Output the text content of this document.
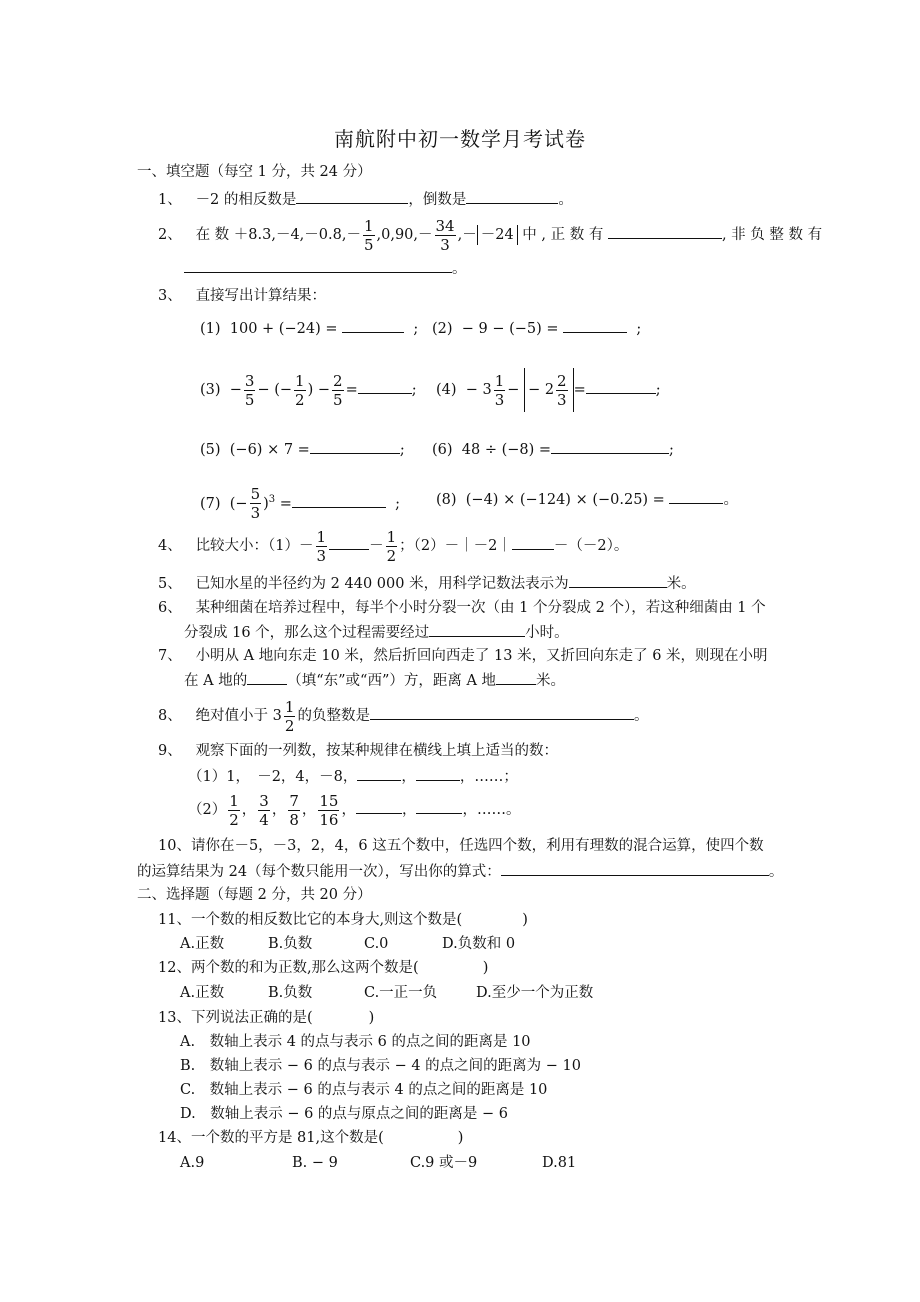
南航附中初一数学月考试卷
一、填空题（每空 1 分，共 24 分）
1、 －2 的相反数是	，倒数是	。
2、 在 数 $+8.3,-4,-0.8,- \frac{1}{5} ,0,90,- \frac{34}{3}$ ,－ －24 中 , 正 数 有	, 非 负 整 数 有
。
3、 直接写出计算结果：
(1) 100 + (−24) =	; (2) − 9 − (−5) =	;
$(3) - \frac{3}{5}$ − (− $\frac{1}{2}$ ) − $\frac{2}{5}$ =	; $(4) - 3 \frac{1}{3}$ − − $2 \frac{2}{3}$ =	;
(5) (−6) × 7 =	; (6) 48 ÷ (−8) =	;
(7) (− $\frac{5}{3} )^3$ =	; (8) (−4) × (−124) × (−0.25) =	。
4、 比较大小：$(1)- \frac{1}{3}$	－ $\frac{1}{2}$ ；（2）－｜－2｜	－（－2）。
5、 已知水星的半径约为 2 440 000 米，用科学记数法表示为	米。
6、 某种细菌在培养过程中，每半个小时分裂一次（由 1 个分裂成 2 个），若这种细菌由 1 个
分裂成 16 个，那么这个过程需要经过	小时。
7、 小明从 A 地向东走 10 米，然后折回向西走了 13 米，又折回向东走了 6 米，则现在小明
在 A 地的	（填“东”或“西”）方，距离 A 地	米。
8、 绝对值小于 $3 \frac{1}{2}$ 的负整数是	。
9、 观察下面的一列数，按某种规律在横线上填上适当的数：
（1）1，　－2，4，－8，	，	，……；
$(2) \frac{1}{2}$ ， $\frac{3}{4}$ ， $\frac{7}{8}$ ， $\frac{15}{16}$ ，	，	，……。
10、请你在－5，－3，2，4，6 这五个数中，任选四个数，利用有理数的混合运算，使四个数
的运算结果为 24（每个数只能用一次），写出你的算式：	。
二、选择题（每题 2 分，共 20 分）
11、一个数的相反数比它的本身大,则这个数是(	)
A.正数	B.负数	C.0	D.负数和 0
12、两个数的和为正数,那么这两个数是(	)
A.正数	B.负数	C.一正一负	D.至少一个为正数
13、下列说法正确的是(	)
A.　数轴上表示 4 的点与表示 6 的点之间的距离是 10
B.　数轴上表示 − 6 的点与表示 − 4 的点之间的距离为 − 10
C.　数轴上表示 − 6 的点与表示 4 的点之间的距离是 10
D.　数轴上表示 − 6 的点与原点之间的距离是 − 6
14、一个数的平方是 81,这个数是(	)
A.9	B. − 9	C.9 或－9	D.81
